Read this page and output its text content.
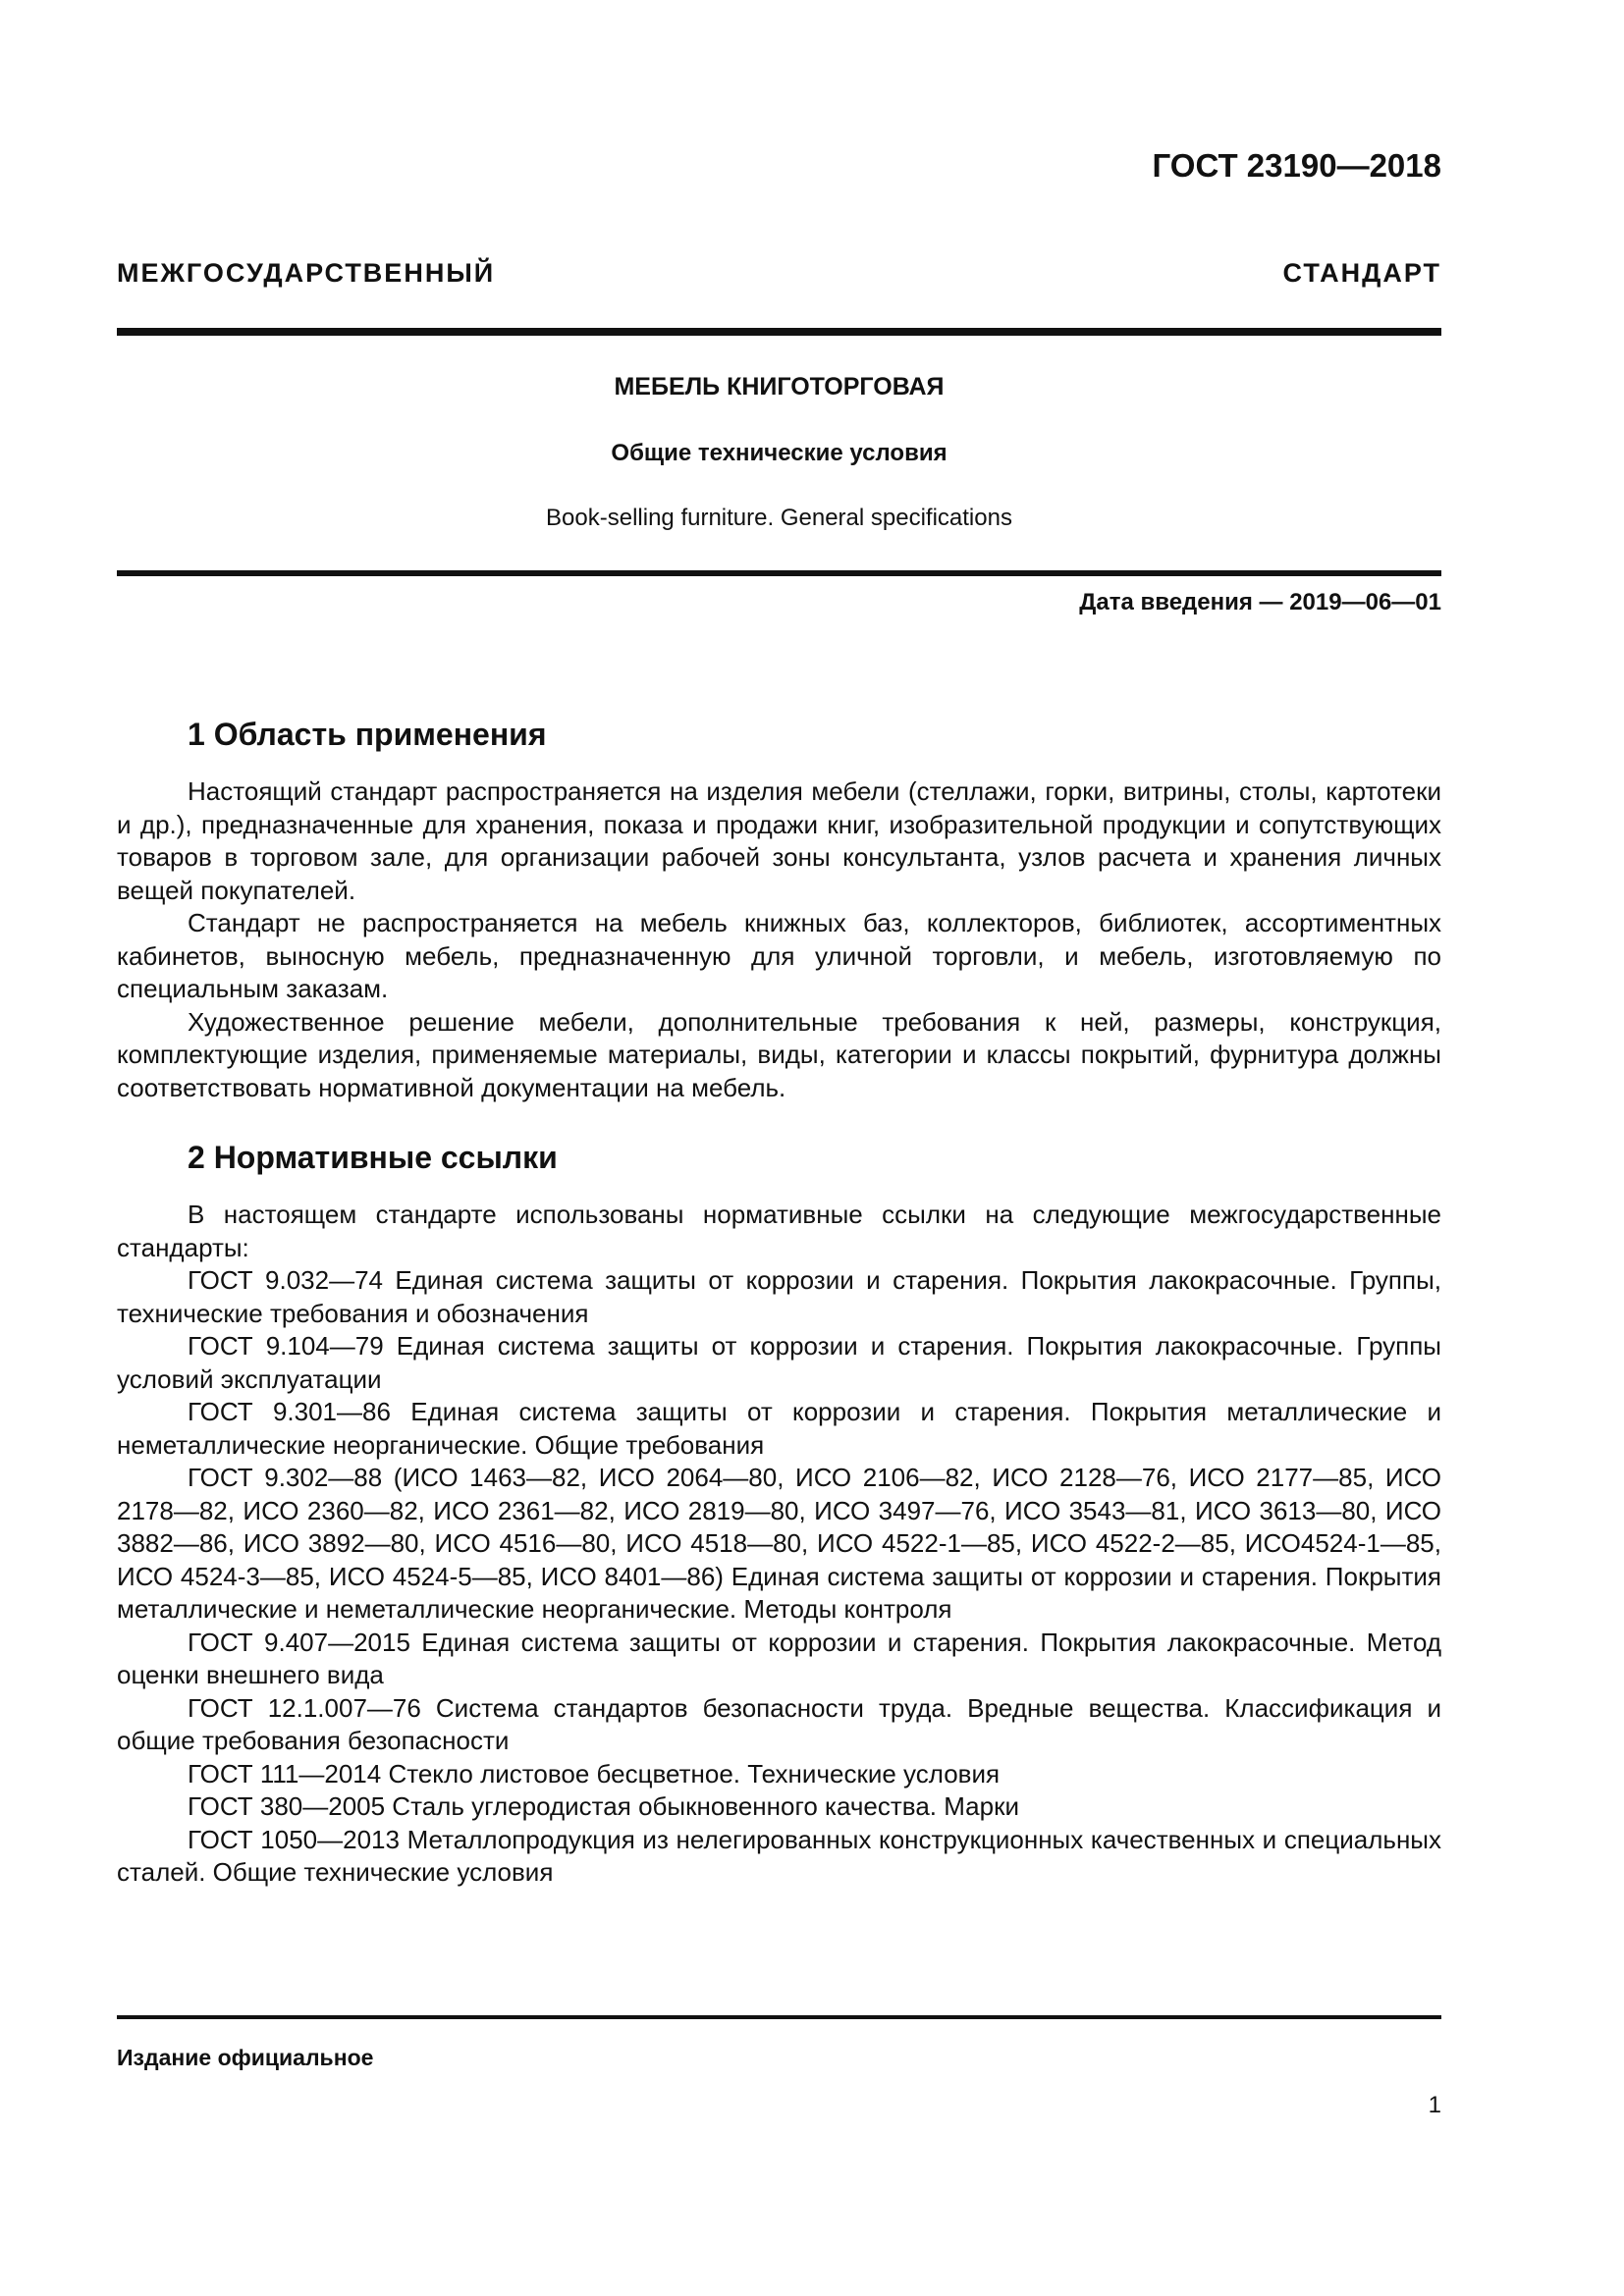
ГОСТ 23190—2018

МЕЖГОСУДАРСТВЕННЫЙ СТАНДАРТ

МЕБЕЛЬ КНИГОТОРГОВАЯ

Общие технические условия

Book-selling furniture. General specifications

Дата введения — 2019—06—01

1 Область применения

Настоящий стандарт распространяется на изделия мебели (стеллажи, горки, витрины, столы, картотеки и др.), предназначенные для хранения, показа и продажи книг, изобразительной продукции и сопутствующих товаров в торговом зале, для организации рабочей зоны консультанта, узлов расчета и хранения личных вещей покупателей.

Стандарт не распространяется на мебель книжных баз, коллекторов, библиотек, ассортиментных кабинетов, выносную мебель, предназначенную для уличной торговли, и мебель, изготовляемую по специальным заказам.

Художественное решение мебели, дополнительные требования к ней, размеры, конструкция, комплектующие изделия, применяемые материалы, виды, категории и классы покрытий, фурнитура должны соответствовать нормативной документации на мебель.

2 Нормативные ссылки

В настоящем стандарте использованы нормативные ссылки на следующие межгосударственные стандарты:

ГОСТ 9.032—74 Единая система защиты от коррозии и старения. Покрытия лакокрасочные. Группы, технические требования и обозначения

ГОСТ 9.104—79 Единая система защиты от коррозии и старения. Покрытия лакокрасочные. Группы условий эксплуатации

ГОСТ 9.301—86 Единая система защиты от коррозии и старения. Покрытия металлические и неметаллические неорганические. Общие требования

ГОСТ 9.302—88 (ИСО 1463—82, ИСО 2064—80, ИСО 2106—82, ИСО 2128—76, ИСО 2177—85, ИСО 2178—82, ИСО 2360—82, ИСО 2361—82, ИСО 2819—80, ИСО 3497—76, ИСО 3543—81, ИСО 3613—80, ИСО 3882—86, ИСО 3892—80, ИСО 4516—80, ИСО 4518—80, ИСО 4522-1—85, ИСО 4522-2—85, ИСО4524-1—85, ИСО 4524-3—85, ИСО 4524-5—85, ИСО 8401—86) Единая система защиты от коррозии и старения. Покрытия металлические и неметаллические неорганические. Методы контроля

ГОСТ 9.407—2015 Единая система защиты от коррозии и старения. Покрытия лакокрасочные. Метод оценки внешнего вида

ГОСТ 12.1.007—76 Система стандартов безопасности труда. Вредные вещества. Классификация и общие требования безопасности

ГОСТ 111—2014 Стекло листовое бесцветное. Технические условия

ГОСТ 380—2005 Сталь углеродистая обыкновенного качества. Марки

ГОСТ 1050—2013 Металлопродукция из нелегированных конструкционных качественных и специальных сталей. Общие технические условия

Издание официальное

1
